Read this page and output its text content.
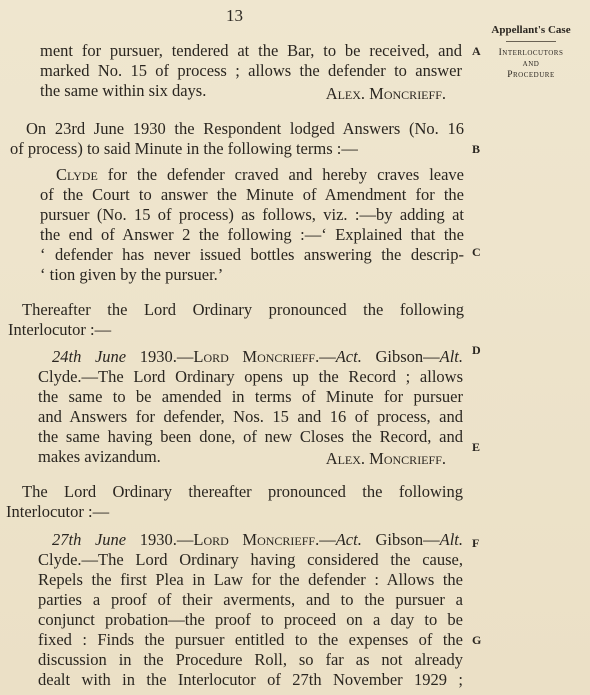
13
Appellant's Case
Interlocutors
and
Procedure
A
B
C
D
E
F
G
ment for pursuer, tendered at the Bar, to be received, and
marked No. 15 of process ; allows the defender to answer
the same within six days.	Alex. Moncrieff.
On 23rd June 1930 the Respondent lodged Answers (No. 16
of process) to said Minute in the following terms :—
Clyde for the defender craved and hereby craves leave
of the Court to answer the Minute of Amendment for the
pursuer (No. 15 of process) as follows, viz. :—by adding at
the end of Answer 2 the following :—‘ Explained that the
‘ defender has never issued bottles answering the descrip-
‘ tion given by the pursuer.’
Thereafter the Lord Ordinary pronounced the following
Interlocutor :—
24th June 1930.—Lord Moncrieff.—Act. Gibson—Alt.
Clyde.—The Lord Ordinary opens up the Record ; allows
the same to be amended in terms of Minute for pursuer
and Answers for defender, Nos. 15 and 16 of process, and
the same having been done, of new Closes the Record, and
makes avizandum.	Alex. Moncrieff.
The Lord Ordinary thereafter pronounced the following
Interlocutor :—
27th June 1930.—Lord Moncrieff.—Act. Gibson—Alt.
Clyde.—The Lord Ordinary having considered the cause,
Repels the first Plea in Law for the defender : Allows the
parties a proof of their averments, and to the pursuer a
conjunct probation—the proof to proceed on a day to be
fixed : Finds the pursuer entitled to the expenses of the
discussion in the Procedure Roll, so far as not already
dealt with in the Interlocutor of 27th November 1929 ;
